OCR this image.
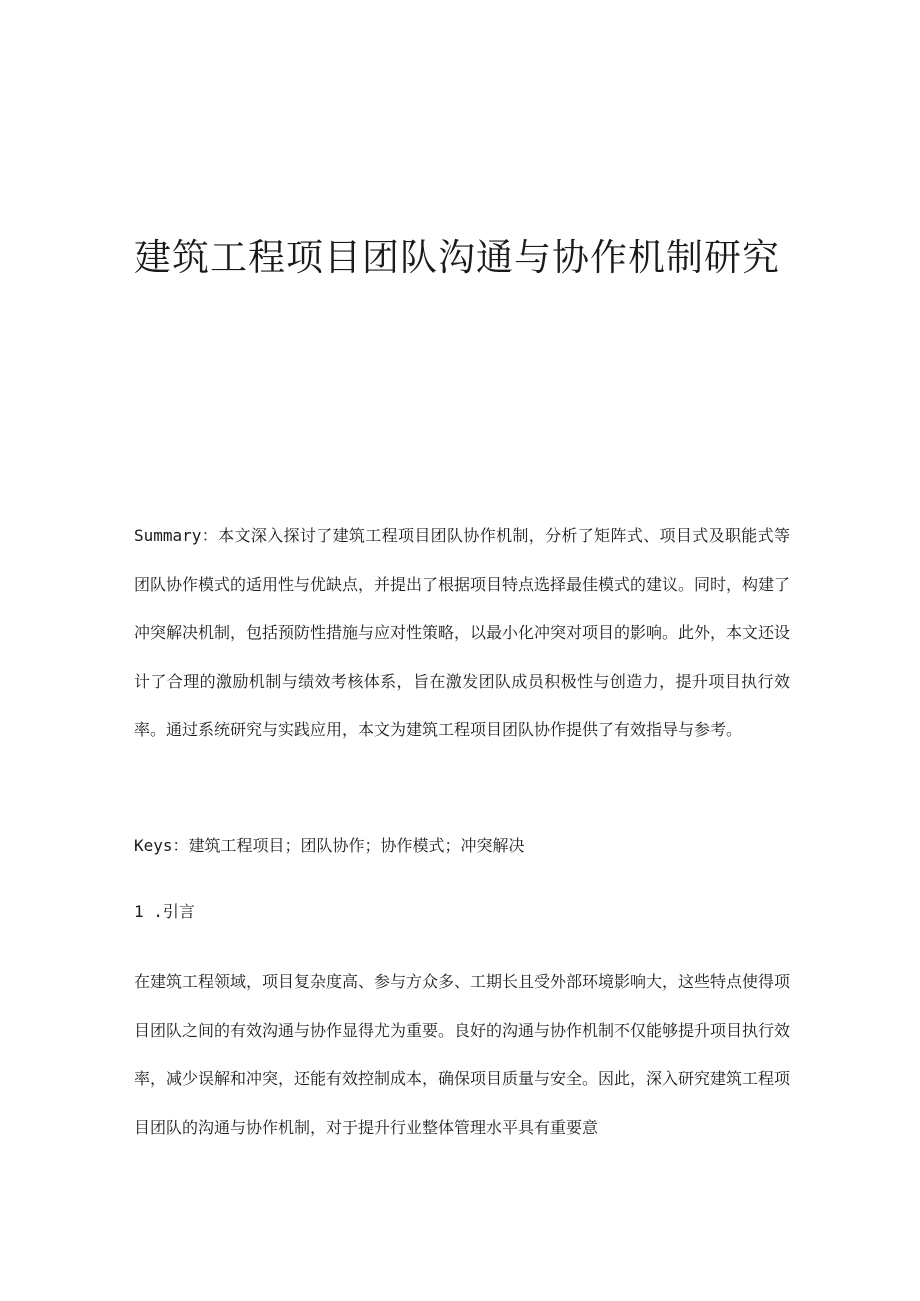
建筑工程项目团队沟通与协作机制研究

Summary：本文深入探讨了建筑工程项目团队协作机制，分析了矩阵式、项目式及职能式等团队协作模式的适用性与优缺点，并提出了根据项目特点选择最佳模式的建议。同时，构建了冲突解决机制，包括预防性措施与应对性策略，以最小化冲突对项目的影响。此外，本文还设计了合理的激励机制与绩效考核体系，旨在激发团队成员积极性与创造力，提升项目执行效率。通过系统研究与实践应用，本文为建筑工程项目团队协作提供了有效指导与参考。

Keys：建筑工程项目；团队协作；协作模式；冲突解决

1 .引言

在建筑工程领域，项目复杂度高、参与方众多、工期长且受外部环境影响大，这些特点使得项目团队之间的有效沟通与协作显得尤为重要。良好的沟通与协作机制不仅能够提升项目执行效率，减少误解和冲突，还能有效控制成本，确保项目质量与安全。因此，深入研究建筑工程项目团队的沟通与协作机制，对于提升行业整体管理水平具有重要意
